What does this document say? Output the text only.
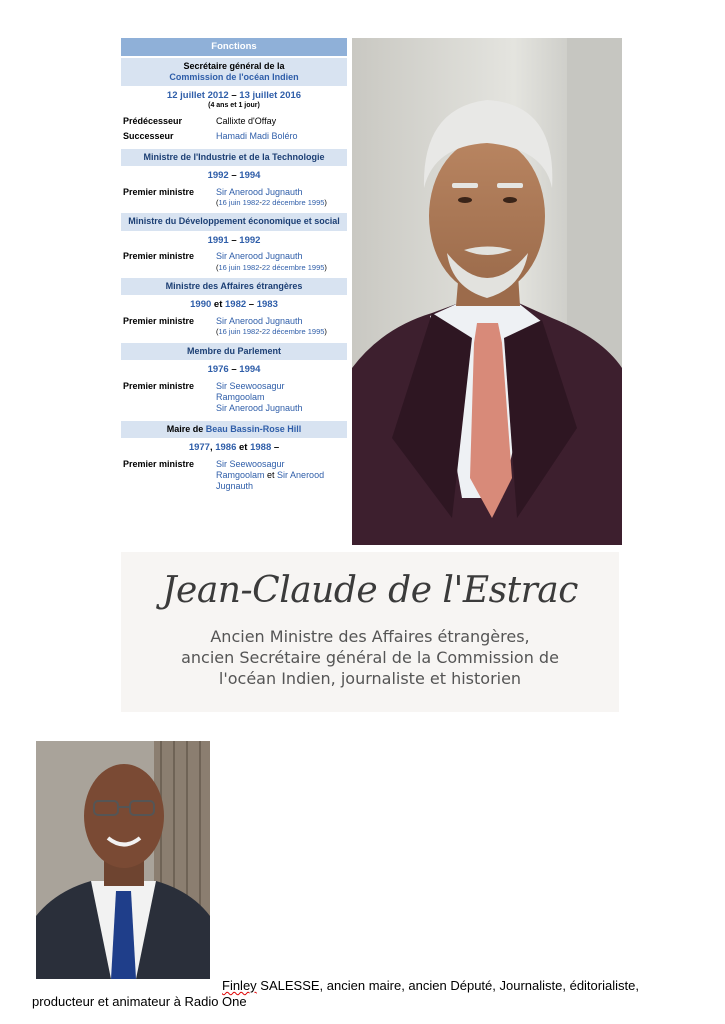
Fonctions
Secrétaire général de la
Commission de l'océan Indien
12 juillet 2012 – 13 juillet 2016
(4 ans et 1 jour)
Prédécesseur	Callixte d'Offay
Successeur	Hamadi Madi Boléro
Ministre de l'Industrie et de la Technologie
1992 – 1994
Premier ministre	Sir Anerood Jugnauth
(16 juin 1982-22 décembre 1995)
Ministre du Développement économique et social
1991 – 1992
Premier ministre	Sir Anerood Jugnauth
(16 juin 1982-22 décembre 1995)
Ministre des Affaires étrangères
1990 et 1982 – 1983
Premier ministre	Sir Anerood Jugnauth
(16 juin 1982-22 décembre 1995)
Membre du Parlement
1976 – 1994
Premier ministre	Sir Seewoosagur
Ramgoolam
Sir Anerood Jugnauth
Maire de Beau Bassin-Rose Hill
1977, 1986 et 1988 –
Premier ministre	Sir Seewoosagur
Ramgoolam et Sir Anerood
Jugnauth
Jean-Claude de l'Estrac
Ancien Ministre des Affaires étrangères,
ancien Secrétaire général de la Commission de
l'océan Indien, journaliste et historien
Finley SALESSE, ancien maire, ancien Député, Journaliste, éditorialiste,
producteur et animateur à Radio One
